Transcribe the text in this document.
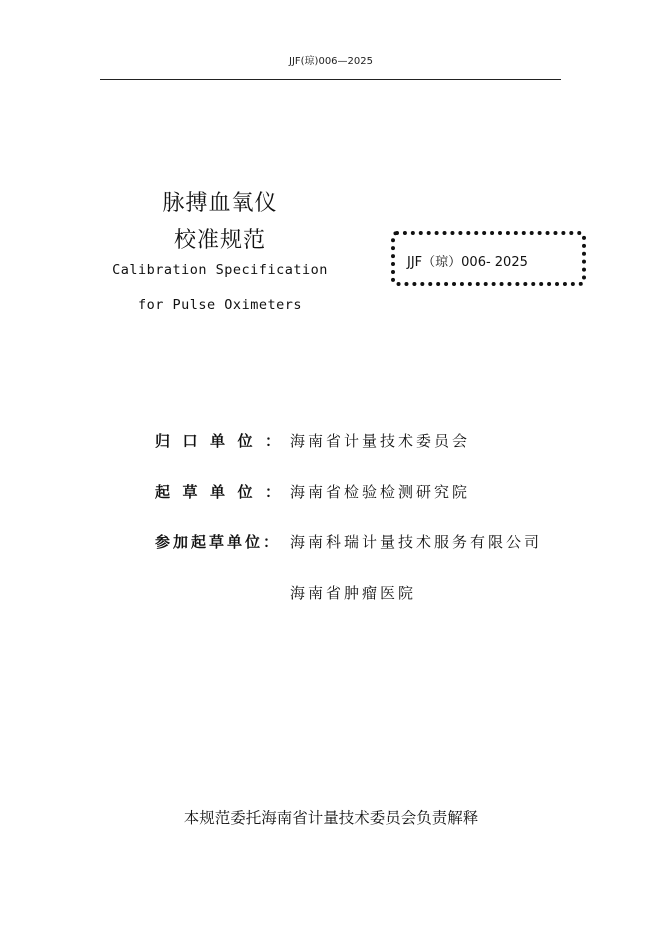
JJF(琼)006—2025
脉搏血氧仪
校准规范
Calibration Specification
for Pulse Oximeters
JJF（琼）006- 2025
归口单位：
海南省计量技术委员会
起草单位：
海南省检验检测研究院
参加起草单位： 海南科瑞计量技术服务有限公司
海南省肿瘤医院
本规范委托海南省计量技术委员会负责解释
